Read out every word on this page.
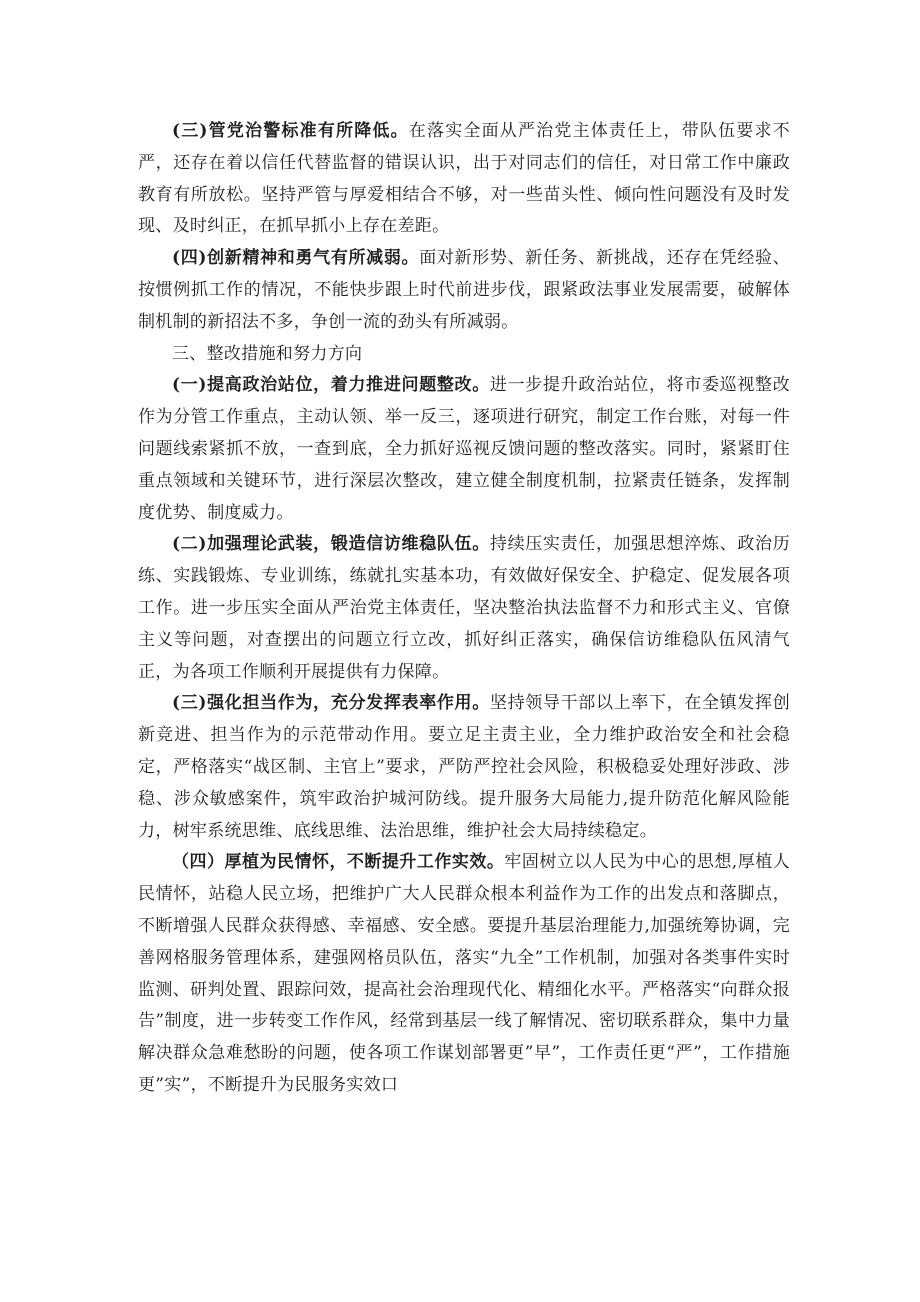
(三)管党治警标准有所降低。在落实全面从严治党主体责任上，带队伍要求不严，还存在着以信任代替监督的错误认识，出于对同志们的信任，对日常工作中廉政教育有所放松。坚持严管与厚爱相结合不够，对一些苗头性、倾向性问题没有及时发现、及时纠正，在抓早抓小上存在差距。

(四)创新精神和勇气有所减弱。面对新形势、新任务、新挑战，还存在凭经验、按惯例抓工作的情况，不能快步跟上时代前进步伐，跟紧政法事业发展需要，破解体制机制的新招法不多，争创一流的劲头有所减弱。

三、整改措施和努力方向

(一)提高政治站位，着力推进问题整改。进一步提升政治站位，将市委巡视整改作为分管工作重点，主动认领、举一反三，逐项进行研究，制定工作台账，对每一件问题线索紧抓不放，一查到底，全力抓好巡视反馈问题的整改落实。同时，紧紧盯住重点领域和关键环节，进行深层次整改，建立健全制度机制，拉紧责任链条，发挥制度优势、制度威力。

(二)加强理论武装，锻造信访维稳队伍。持续压实责任，加强思想淬炼、政治历练、实践锻炼、专业训练，练就扎实基本功，有效做好保安全、护稳定、促发展各项工作。进一步压实全面从严治党主体责任，坚决整治执法监督不力和形式主义、官僚主义等问题，对查摆出的问题立行立改，抓好纠正落实，确保信访维稳队伍风清气正，为各项工作顺利开展提供有力保障。

(三)强化担当作为，充分发挥表率作用。坚持领导干部以上率下，在全镇发挥创新竞进、担当作为的示范带动作用。要立足主责主业，全力维护政治安全和社会稳定，严格落实“战区制、主官上”要求，严防严控社会风险，积极稳妥处理好涉政、涉稳、涉众敏感案件，筑牢政治护城河防线。提升服务大局能力,提升防范化解风险能力，树牢系统思维、底线思维、法治思维，维护社会大局持续稳定。

（四）厚植为民情怀，不断提升工作实效。牢固树立以人民为中心的思想,厚植人民情怀，站稳人民立场，把维护广大人民群众根本利益作为工作的出发点和落脚点，不断增强人民群众获得感、幸福感、安全感。要提升基层治理能力,加强统筹协调，完善网格服务管理体系，建强网格员队伍，落实“九全”工作机制，加强对各类事件实时监测、研判处置、跟踪问效，提高社会治理现代化、精细化水平。严格落实“向群众报告”制度，进一步转变工作作风，经常到基层一线了解情况、密切联系群众，集中力量解决群众急难愁盼的问题，使各项工作谋划部署更”早”，工作责任更“严”，工作措施更”实”，不断提升为民服务实效口
